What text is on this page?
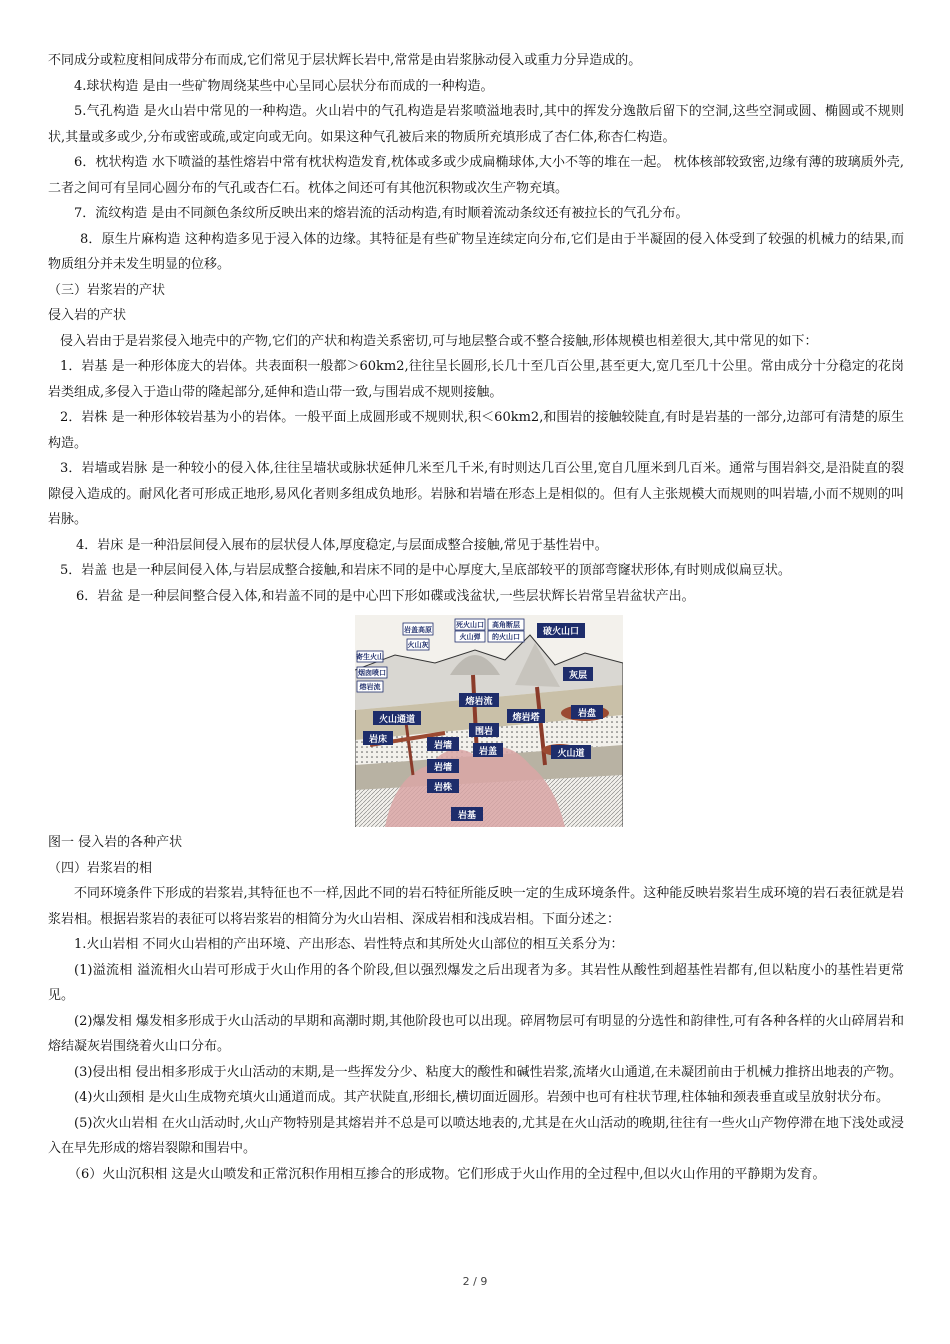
不同成分或粒度相间成带分布而成,它们常见于层状辉长岩中,常常是由岩浆脉动侵入或重力分异造成的。

4.球状构造 是由一些矿物周绕某些中心呈同心层状分布而成的一种构造。

5.气孔构造 是火山岩中常见的一种构造。火山岩中的气孔构造是岩浆喷溢地表时,其中的挥发分逸散后留下的空洞,这些空洞或圆、椭圆或不规则状,其量或多或少,分布或密或疏,或定向或无向。如果这种气孔被后来的物质所充填形成了杏仁体,称杏仁构造。

6．枕状构造 水下喷溢的基性熔岩中常有枕状构造发育,枕体或多或少成扁椭球体,大小不等的堆在一起。 枕体核部较致密,边缘有薄的玻璃质外壳,二者之间可有呈同心圆分布的气孔或杏仁石。枕体之间还可有其他沉积物或次生产物充填。

7．流纹构造 是由不同颜色条纹所反映出来的熔岩流的活动构造,有时顺着流动条纹还有被拉长的气孔分布。

8．原生片麻构造 这种构造多见于浸入体的边缘。其特征是有些矿物呈连续定向分布,它们是由于半凝固的侵入体受到了较强的机械力的结果,而物质组分并未发生明显的位移。

（三）岩浆岩的产状

侵入岩的产状

侵入岩由于是岩浆侵入地壳中的产物,它们的产状和构造关系密切,可与地层整合或不整合接触,形体规模也相差很大,其中常见的如下：

1．岩基 是一种形体庞大的岩体。共表面积一般都＞60km2,往往呈长圆形,长几十至几百公里,甚至更大,宽几至几十公里。常由成分十分稳定的花岗岩类组成,多侵入于造山带的隆起部分,延伸和造山带一致,与围岩成不规则接触。

2．岩株 是一种形体较岩基为小的岩体。一般平面上成圆形或不规则状,积＜60km2,和围岩的接触较陡直,有时是岩基的一部分,边部可有清楚的原生构造。

3．岩墙或岩脉 是一种较小的侵入体,往往呈墙状或脉状延伸几米至几千米,有时则达几百公里,宽自几厘米到几百米。通常与围岩斜交,是沿陡直的裂隙侵入造成的。耐风化者可形成正地形,易风化者则多组成负地形。岩脉和岩墙在形态上是相似的。但有人主张规模大而规则的叫岩墙,小而不规则的叫岩脉。

4．岩床 是一种沿层间侵入展布的层状侵人体,厚度稳定,与层面成整合接触,常见于基性岩中。

5．岩盖 也是一种层间侵入体,与岩层成整合接触,和岩床不同的是中心厚度大,呈底部较平的顶部弯窿状形体,有时则成似扁豆状。

6．岩盆 是一种层间整合侵入体,和岩盖不同的是中心凹下形如碟或浅盆状,一些层状辉长岩常呈岩盆状产出。

岩盖高原
火山灰
死火山口
火山弹
高角断层
的火山口	破火山口
寄生火山
烟囱喷口
熔岩流
灰层
熔岩流
熔岩塔
火山通道
岩盘
岩床
围岩
岩墙
岩盖	火山道
岩墙
岩株
岩基

图一 侵入岩的各种产状

（四）岩浆岩的相

不同环境条件下形成的岩浆岩,其特征也不一样,因此不同的岩石特征所能反映一定的生成环境条件。这种能反映岩浆岩生成环境的岩石表征就是岩浆岩相。根据岩浆岩的表征可以将岩浆岩的相简分为火山岩相、深成岩相和浅成岩相。下面分述之：

1.火山岩相 不同火山岩相的产出环境、产出形态、岩性特点和其所处火山部位的相互关系分为：

(1)溢流相 溢流相火山岩可形成于火山作用的各个阶段,但以强烈爆发之后出现者为多。其岩性从酸性到超基性岩都有,但以粘度小的基性岩更常见。

(2)爆发相 爆发相多形成于火山活动的早期和高潮时期,其他阶段也可以出现。碎屑物层可有明显的分选性和韵律性,可有各种各样的火山碎屑岩和熔结凝灰岩围绕着火山口分布。

(3)侵出相 侵出相多形成于火山活动的末期,是一些挥发分少、粘度大的酸性和碱性岩浆,流堵火山通道,在未凝团前由于机械力推挤出地表的产物。

(4)火山颈相 是火山生成物充填火山通道而成。其产状陡直,形细长,横切面近圆形。岩颈中也可有柱状节理,柱体轴和颈表垂直或呈放射状分布。

(5)次火山岩相 在火山活动时,火山产物特别是其熔岩并不总是可以喷达地表的,尤其是在火山活动的晚期,往往有一些火山产物停滞在地下浅处或浸入在早先形成的熔岩裂隙和围岩中。

（6）火山沉积相 这是火山喷发和正常沉积作用相互掺合的形成物。它们形成于火山作用的全过程中,但以火山作用的平静期为发育。

2 / 9
